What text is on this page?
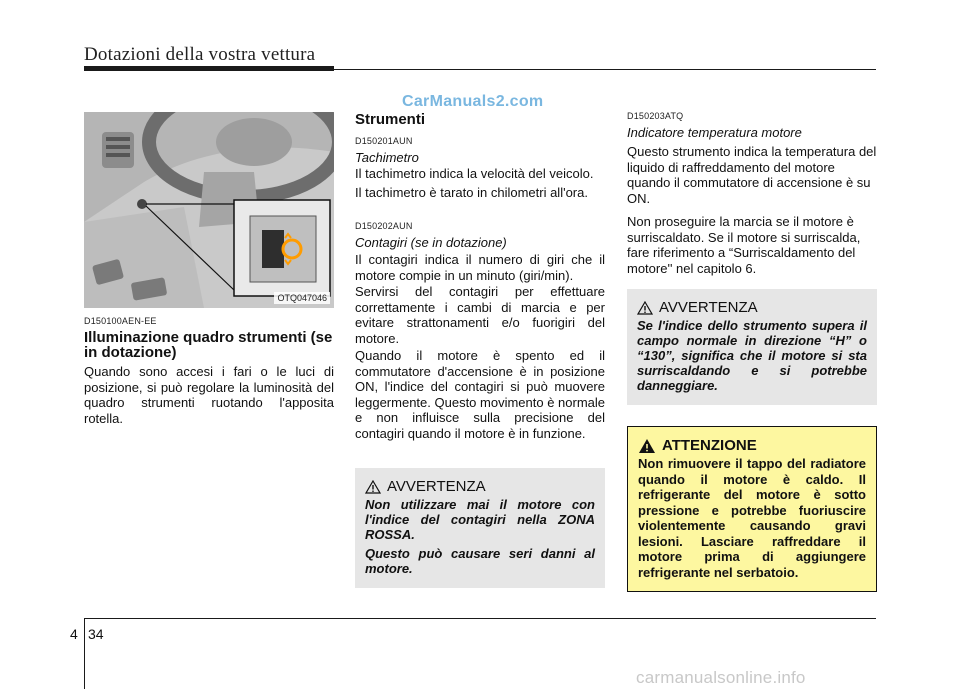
Dotazioni della vostra vettura
CarManuals2.com
OTQ047046
D150100AEN-EE
Illuminazione quadro strumenti (se in dotazione)
Quando sono accesi i fari o le luci di posizione, si può regolare la luminosità del quadro strumenti ruotando l'apposita rotella.
Strumenti
D150201AUN
Tachimetro
Il tachimetro indica la velocità del veicolo.
Il tachimetro è tarato in chilometri all'ora.
D150202AUN
Contagiri (se in dotazione)
Il contagiri indica il numero di giri che il motore compie in un minuto (giri/min).
Servirsi del contagiri per effettuare correttamente i cambi di marcia e per evitare strattonamenti e/o fuorigiri del motore.
Quando il motore è spento ed il commutatore d'accensione è in posizione ON, l'indice del contagiri si può muovere leggermente. Questo movimento è normale e non influisce sulla precisione del contagiri quando il motore è in funzione.
AVVERTENZA
Non utilizzare mai il motore con l'indice del contagiri nella ZONA ROSSA.
Questo può causare seri danni al motore.
D150203ATQ
Indicatore temperatura motore
Questo strumento indica la temperatura del liquido di raffreddamento del motore quando il commutatore di accensione è su ON.
Non proseguire la marcia se il motore è surriscaldato. Se il motore si surriscalda, fare riferimento a “Surriscaldamento del motore'' nel capitolo 6.
AVVERTENZA
Se l'indice dello strumento supera il campo normale in direzione “H” o “130”, significa che il motore si sta surriscaldando e si potrebbe danneggiare.
ATTENZIONE
Non rimuovere il tappo del radiatore quando il motore è caldo. Il refrigerante del motore è sotto pressione e potrebbe fuoriuscire violentemente causando gravi lesioni. Lasciare raffreddare il motore prima di aggiungere refrigerante nel serbatoio.
4 34
carmanualsonline.info
